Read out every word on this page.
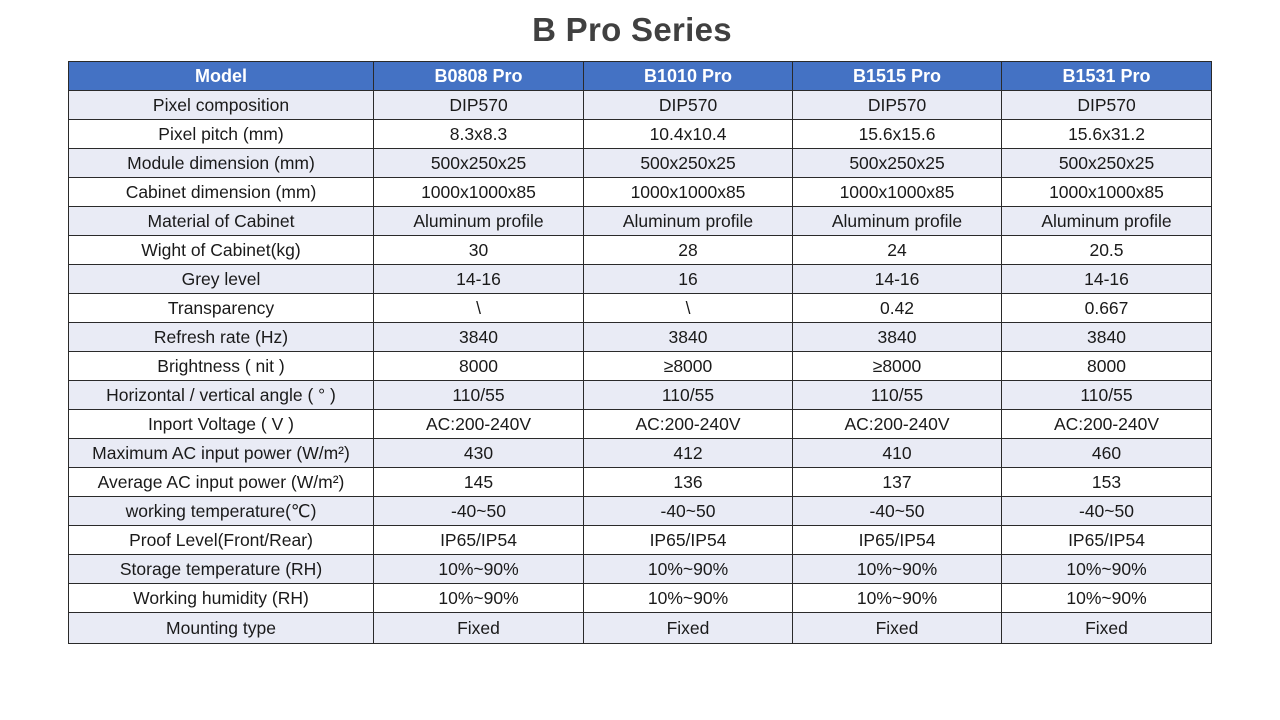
B Pro Series
Model	B0808 Pro	B1010 Pro	B1515 Pro	B1531 Pro
Pixel composition	DIP570	DIP570	DIP570	DIP570
Pixel pitch (mm)	8.3x8.3	10.4x10.4	15.6x15.6	15.6x31.2
Module dimension (mm)	500x250x25	500x250x25	500x250x25	500x250x25
Cabinet dimension (mm)	1000x1000x85	1000x1000x85	1000x1000x85	1000x1000x85
Material of Cabinet	Aluminum profile	Aluminum profile	Aluminum profile	Aluminum profile
Wight of Cabinet(kg)	30	28	24	20.5
Grey level	14-16	16	14-16	14-16
Transparency	\	\	0.42	0.667
Refresh rate (Hz)	3840	3840	3840	3840
Brightness ( nit )	8000	≥8000	≥8000	8000
Horizontal / vertical angle ( ° )	110/55	110/55	110/55	110/55
Inport Voltage ( V )	AC:200-240V	AC:200-240V	AC:200-240V	AC:200-240V
Maximum AC input power (W/m²)	430	412	410	460
Average AC input power (W/m²)	145	136	137	153
working temperature(℃)	-40~50	-40~50	-40~50	-40~50
Proof Level(Front/Rear)	IP65/IP54	IP65/IP54	IP65/IP54	IP65/IP54
Storage temperature (RH)	10%~90%	10%~90%	10%~90%	10%~90%
Working humidity (RH)	10%~90%	10%~90%	10%~90%	10%~90%
Mounting type	Fixed	Fixed	Fixed	Fixed
